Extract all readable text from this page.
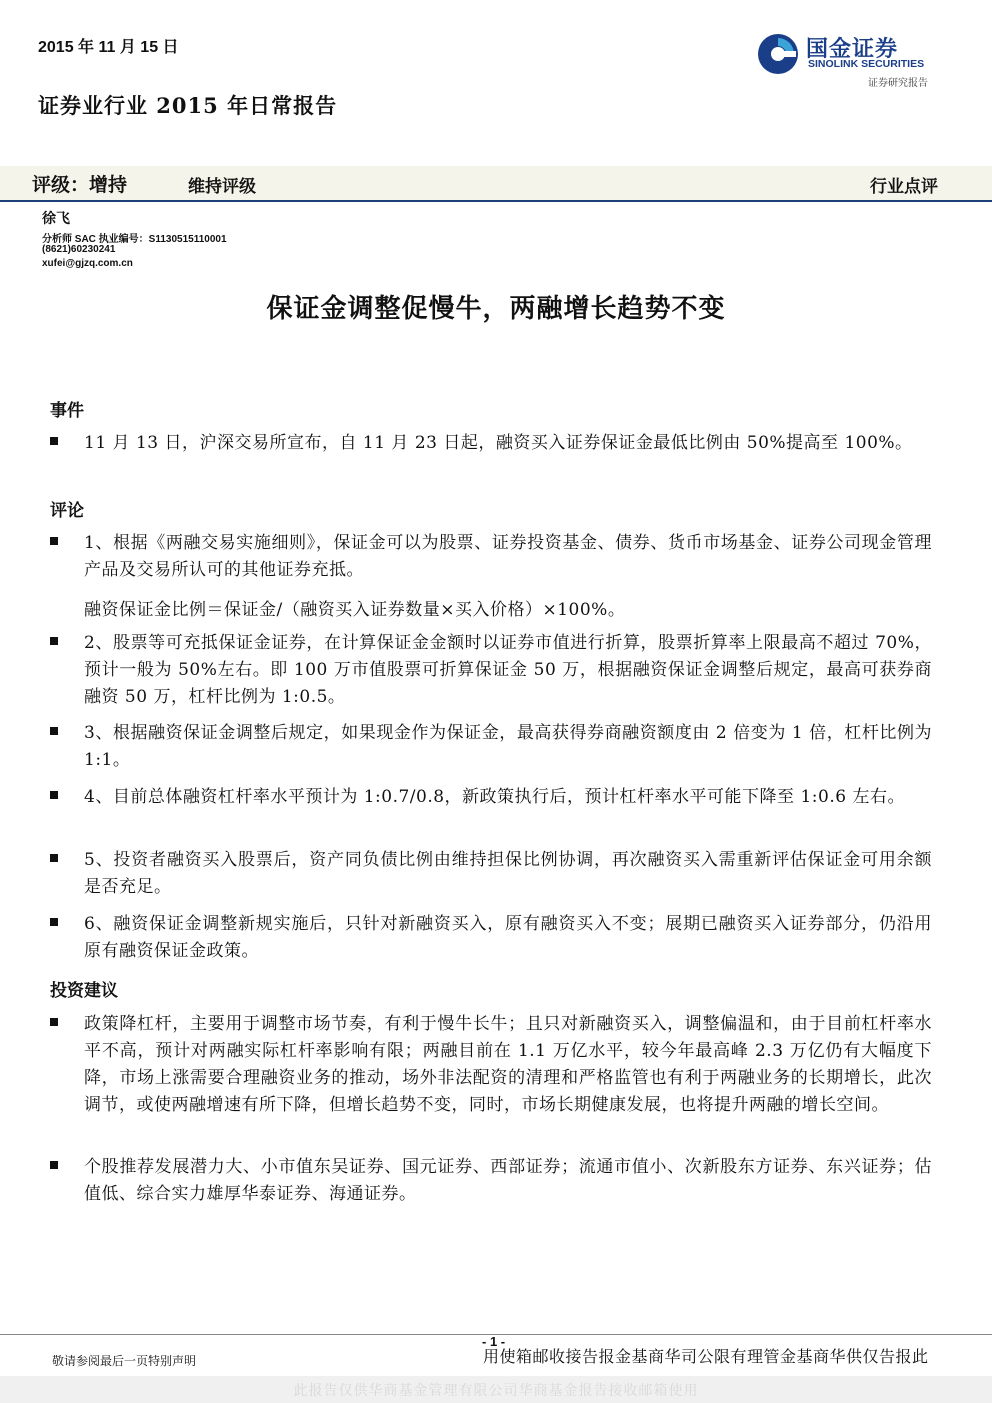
2015 年 11 月 15 日
证券业行业 2015 年日常报告
国金证券
SINOLINK SECURITIES
证券研究报告
评级：增持	维持评级	行业点评
徐飞
分析师 SAC 执业编号：S1130515110001
(8621)60230241
xufei@gjzq.com.cn
保证金调整促慢牛，两融增长趋势不变
事件
11 月 13 日，沪深交易所宣布，自 11 月 23 日起，融资买入证券保证金最低比例由 50%提高至 100%。
评论
1、根据《两融交易实施细则》，保证金可以为股票、证券投资基金、债券、货币市场基金、证券公司现金管理产品及交易所认可的其他证券充抵。
融资保证金比例＝保证金/（融资买入证券数量×买入价格）×100%。
2、股票等可充抵保证金证券，在计算保证金金额时以证券市值进行折算，股票折算率上限最高不超过 70%，预计一般为 50%左右。即 100 万市值股票可折算保证金 50 万，根据融资保证金调整后规定，最高可获券商融资 50 万，杠杆比例为 1:0.5。
3、根据融资保证金调整后规定，如果现金作为保证金，最高获得券商融资额度由 2 倍变为 1 倍，杠杆比例为 1:1。
4、目前总体融资杠杆率水平预计为 1:0.7/0.8，新政策执行后，预计杠杆率水平可能下降至 1:0.6 左右。
5、投资者融资买入股票后，资产同负债比例由维持担保比例协调，再次融资买入需重新评估保证金可用余额是否充足。
6、融资保证金调整新规实施后，只针对新融资买入，原有融资买入不变；展期已融资买入证券部分，仍沿用原有融资保证金政策。
投资建议
政策降杠杆，主要用于调整市场节奏，有利于慢牛长牛；且只对新融资买入，调整偏温和，由于目前杠杆率水平不高，预计对两融实际杠杆率影响有限；两融目前在 1.1 万亿水平，较今年最高峰 2.3 万亿仍有大幅度下降，市场上涨需要合理融资业务的推动，场外非法配资的清理和严格监管也有利于两融业务的长期增长，此次调节，或使两融增速有所下降，但增长趋势不变，同时，市场长期健康发展，也将提升两融的增长空间。
个股推荐发展潜力大、小市值东吴证券、国元证券、西部证券；流通市值小、次新股东方证券、东兴证券；估值低、综合实力雄厚华泰证券、海通证券。
- 1 -
敬请参阅最后一页特别声明	用使箱邮收接告报金基商华司公限有理管金基商华供仅告报此
此报告仅供华商基金管理有限公司华商基金报告接收邮箱使用
